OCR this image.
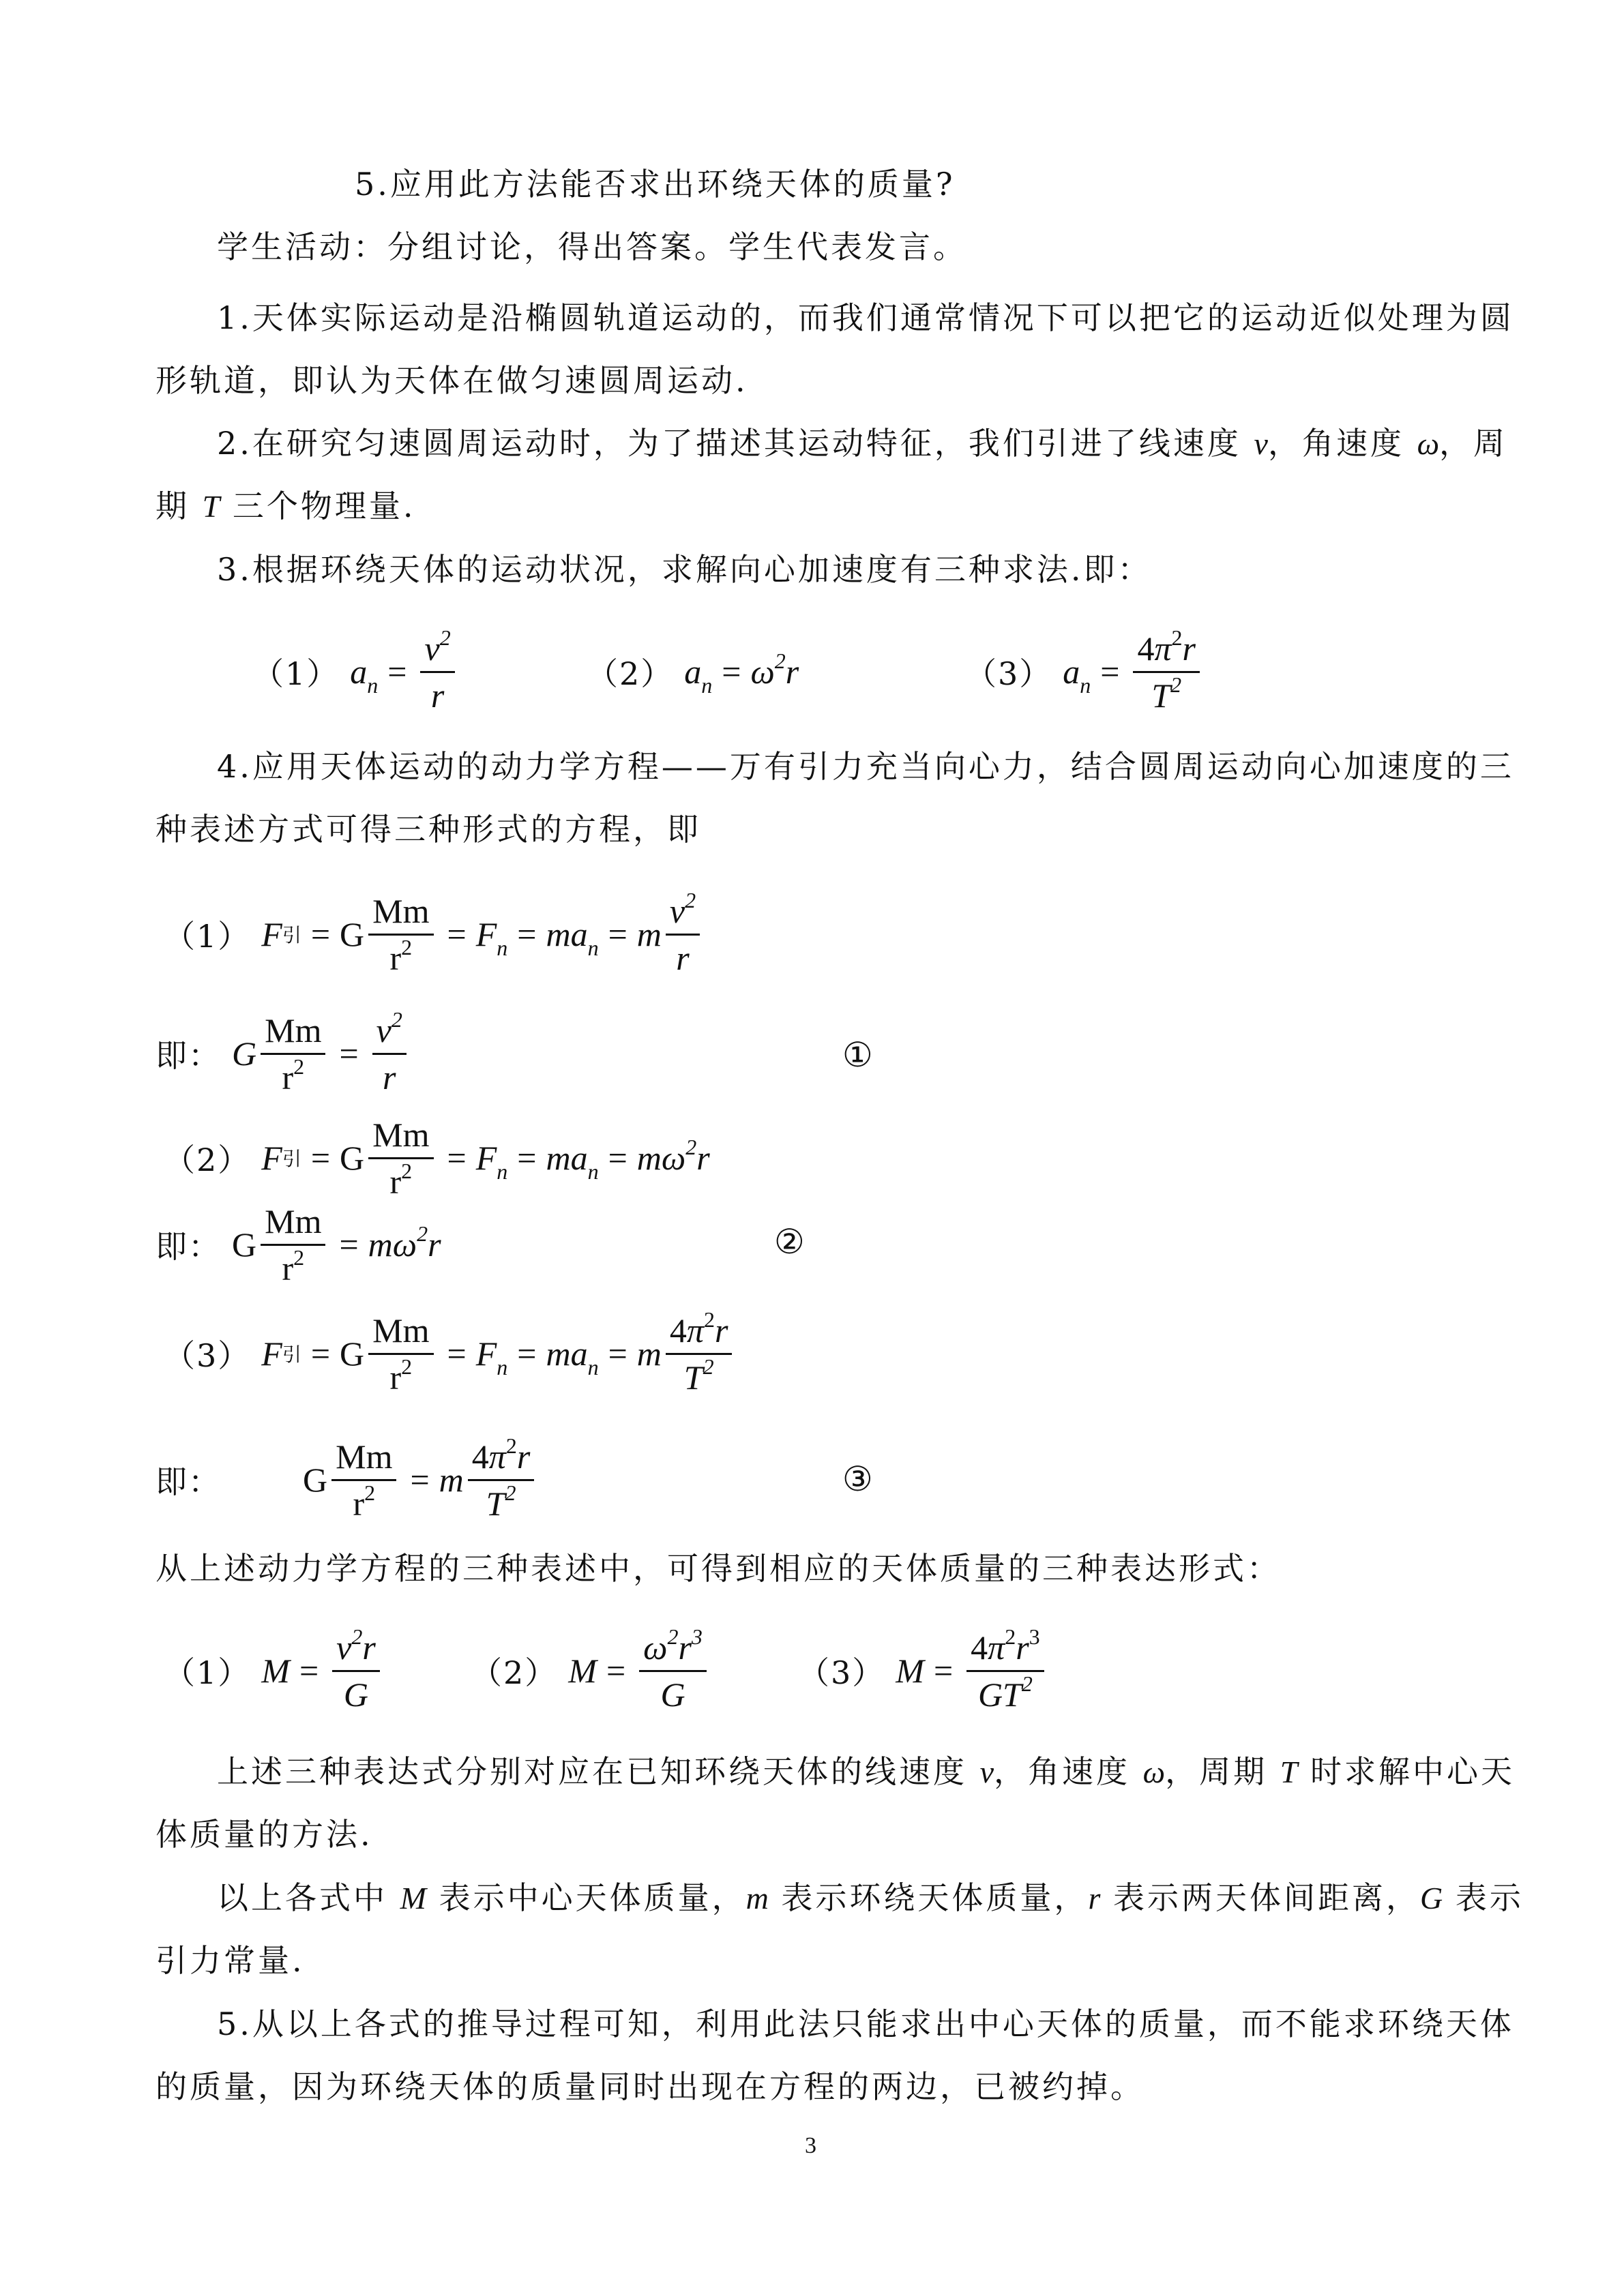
5.应用此方法能否求出环绕天体的质量?
学生活动：分组讨论，得出答案。学生代表发言。
1.天体实际运动是沿椭圆轨道运动的，而我们通常情况下可以把它的运动近似处理为圆
形轨道，即认为天体在做匀速圆周运动.
2.在研究匀速圆周运动时，为了描述其运动特征，我们引进了线速度 v，角速度 ω，周
期 T 三个物理量.
3.根据环绕天体的运动状况，求解向心加速度有三种求法.即：
（1） $a_n = \frac{v^2}{r}$	（2） $a_n = \omega^2r$	（3） $a_n = \frac{4\pi^2r}{T^2}$
4.应用天体运动的动力学方程——万有引力充当向心力，结合圆周运动向心加速度的三
种表述方式可得三种形式的方程，即
（1） F 引 = G $\frac{Mm}{r^2} = F_n = ma_n = m \frac{v^2}{r}$
即： G $\frac{Mm}{r^2} = \frac{v^2}{r}$	①
（2） F 引 = G $\frac{Mm}{r^2} = F_n = ma_n = m\omega^2r$
即： G $\frac{Mm}{r^2} = m\omega^2r$	②
（3） F 引 = G $\frac{Mm}{r^2} = F_n = ma_n = m \frac{4\pi^2r}{T^2}$
即： G $\frac{Mm}{r^2} = m \frac{4\pi^2r}{T^2}$	③
从上述动力学方程的三种表述中，可得到相应的天体质量的三种表达形式：
（1） $M = \frac{v^2r}{G}$	（2） $M = \frac{\omega^2r^3}{G}$	（3） $M = \frac{4\pi^2r^3}{GT^2}$
上述三种表达式分别对应在已知环绕天体的线速度 v，角速度 ω，周期 T 时求解中心天
体质量的方法.
以上各式中 M 表示中心天体质量，m 表示环绕天体质量，r 表示两天体间距离，G 表示
引力常量.
5.从以上各式的推导过程可知，利用此法只能求出中心天体的质量，而不能求环绕天体
的质量，因为环绕天体的质量同时出现在方程的两边，已被约掉。
3
